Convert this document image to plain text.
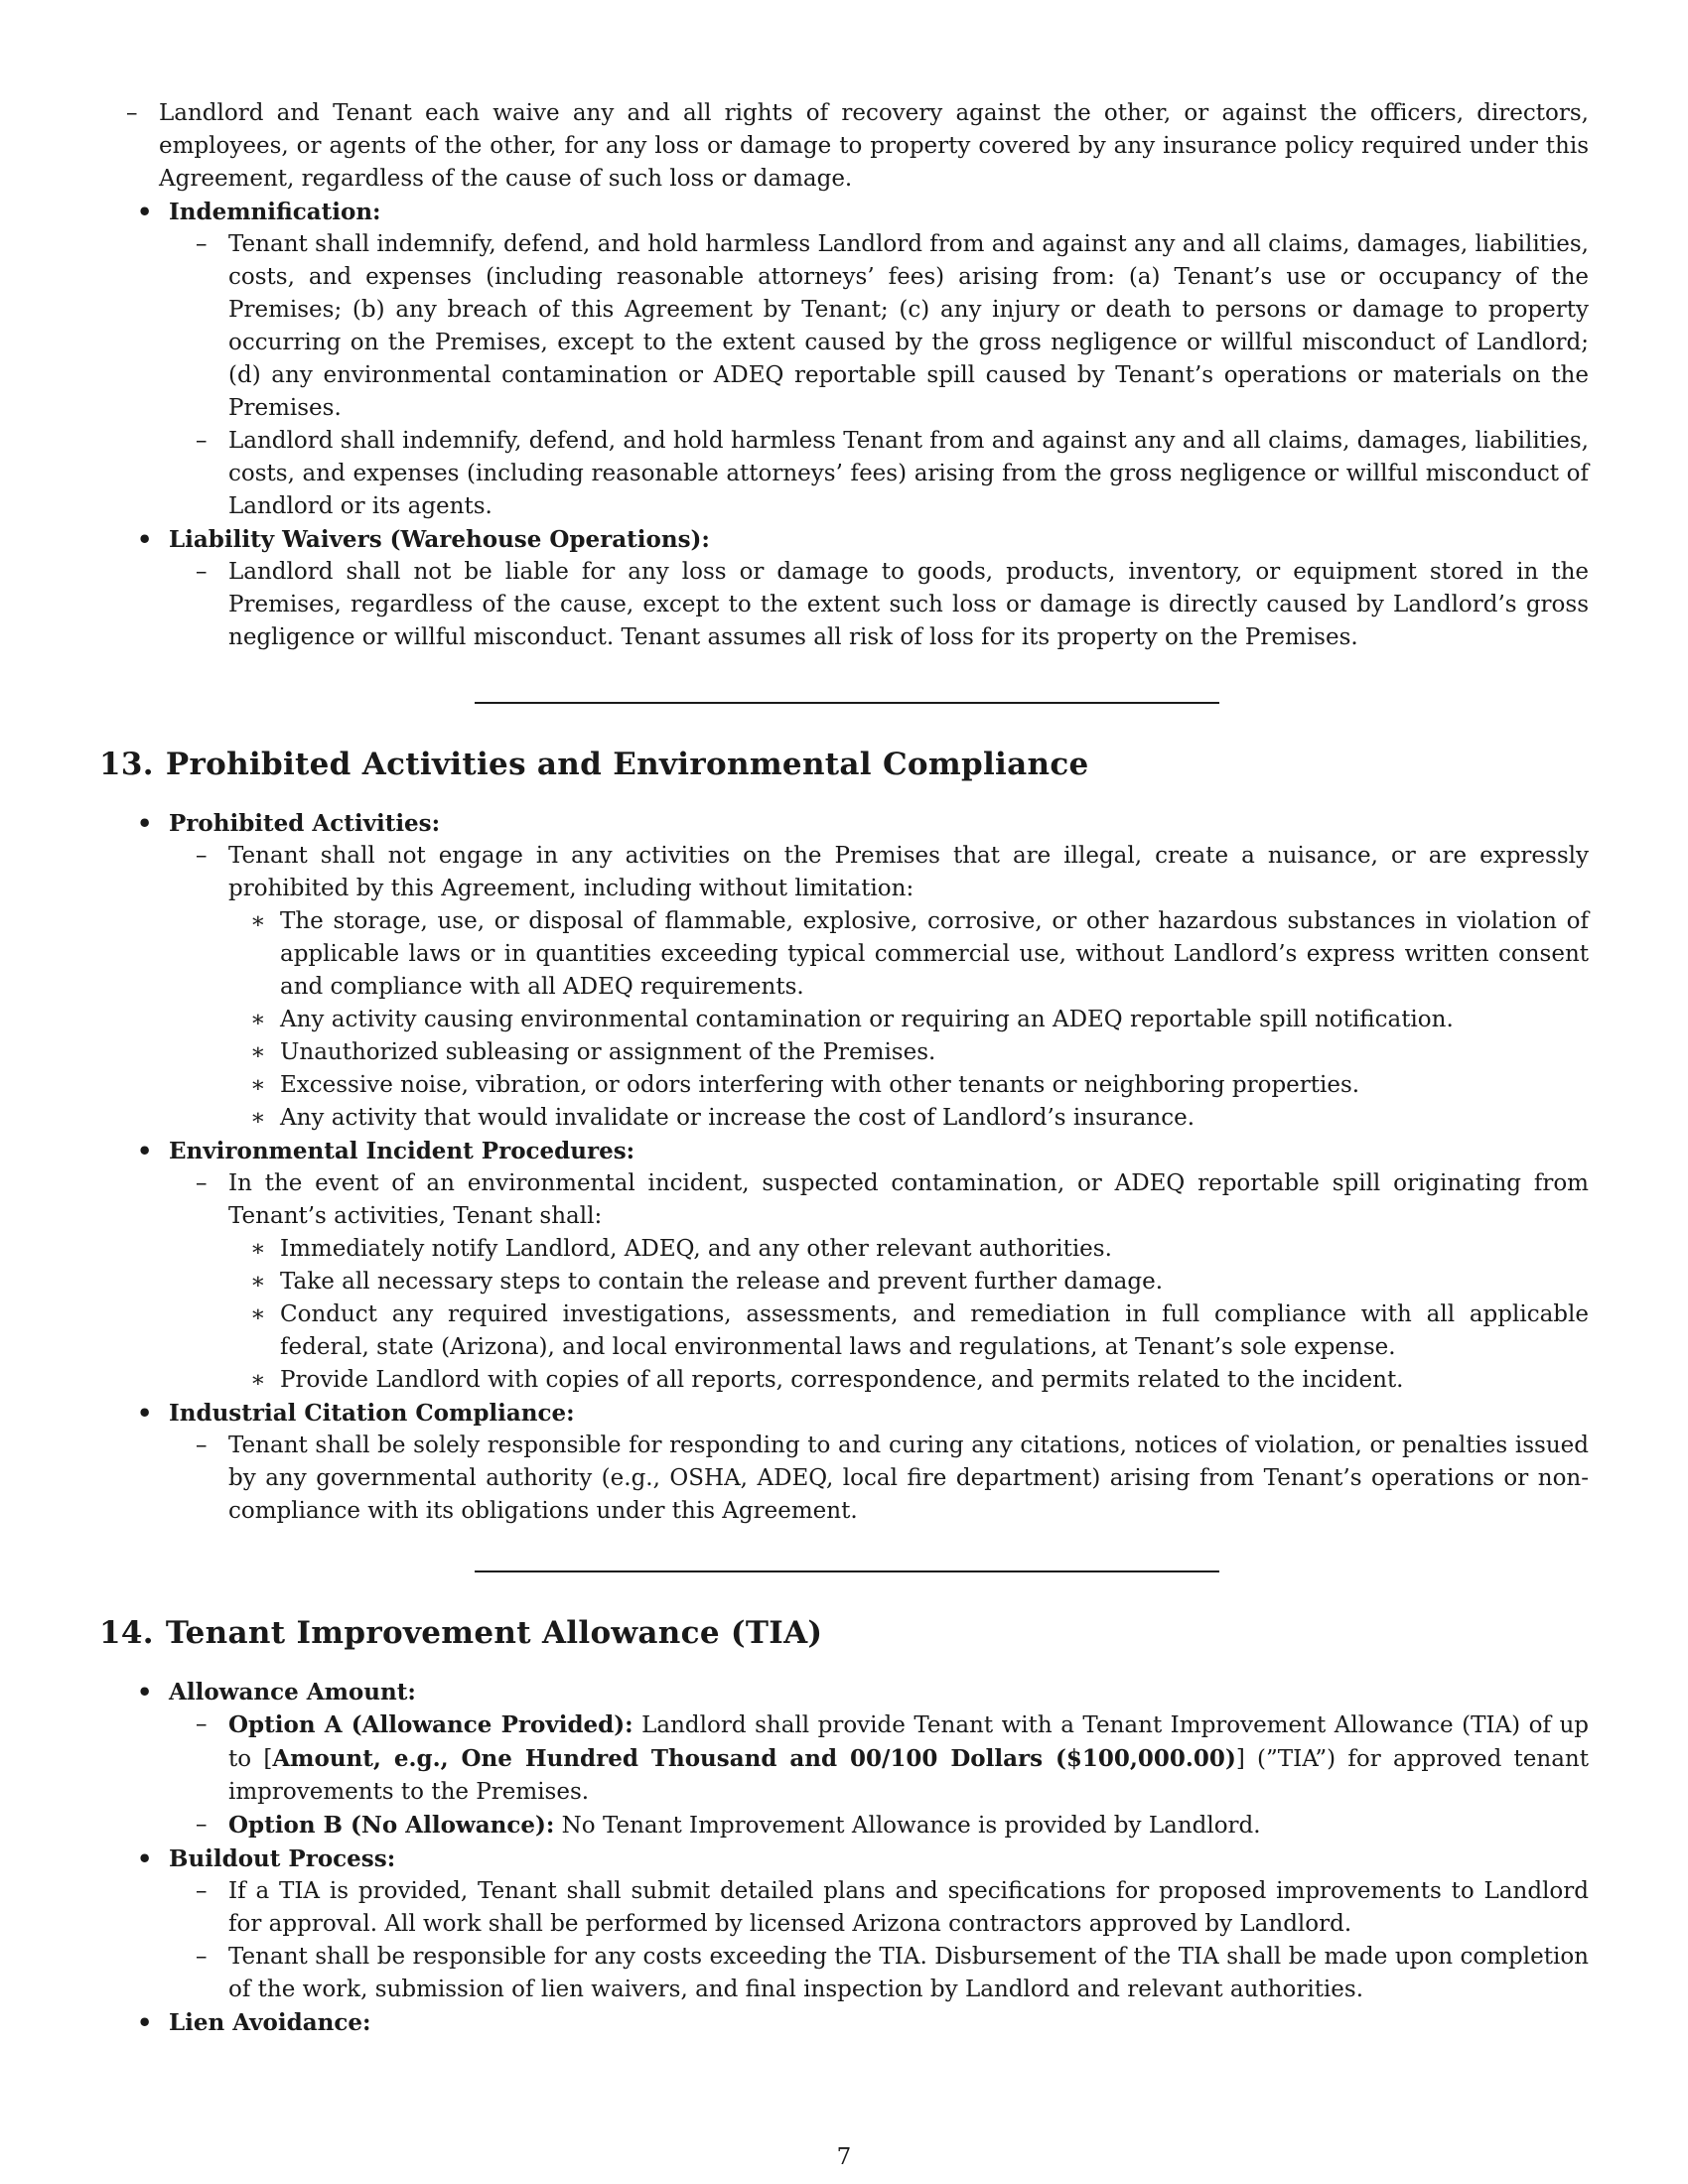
– Landlord and Tenant each waive any and all rights of recovery against the other, or against the officers, directors, employees, or agents of the other, for any loss or damage to property covered by any insurance policy required under this Agreement, regardless of the cause of such loss or damage.
• Indemnification:
– Tenant shall indemnify, defend, and hold harmless Landlord from and against any and all claims, damages, liabilities, costs, and expenses (including reasonable attorneys’ fees) arising from: (a) Tenant’s use or occupancy of the Premises; (b) any breach of this Agreement by Tenant; (c) any injury or death to persons or damage to property occurring on the Premises, except to the extent caused by the gross negligence or willful misconduct of Landlord; (d) any environmental contamination or ADEQ reportable spill caused by Tenant’s operations or materials on the Premises.
– Landlord shall indemnify, defend, and hold harmless Tenant from and against any and all claims, damages, liabilities, costs, and expenses (including reasonable attorneys’ fees) arising from the gross negligence or willful misconduct of Landlord or its agents.
• Liability Waivers (Warehouse Operations):
– Landlord shall not be liable for any loss or damage to goods, products, inventory, or equipment stored in the Premises, regardless of the cause, except to the extent such loss or damage is directly caused by Landlord’s gross negligence or willful misconduct. Tenant assumes all risk of loss for its property on the Premises.
13. Prohibited Activities and Environmental Compliance
• Prohibited Activities:
– Tenant shall not engage in any activities on the Premises that are illegal, create a nuisance, or are expressly prohibited by this Agreement, including without limitation:
∗ The storage, use, or disposal of flammable, explosive, corrosive, or other hazardous substances in violation of applicable laws or in quantities exceeding typical commercial use, without Landlord’s express written consent and compliance with all ADEQ requirements.
∗ Any activity causing environmental contamination or requiring an ADEQ reportable spill notification.
∗ Unauthorized subleasing or assignment of the Premises.
∗ Excessive noise, vibration, or odors interfering with other tenants or neighboring properties.
∗ Any activity that would invalidate or increase the cost of Landlord’s insurance.
• Environmental Incident Procedures:
– In the event of an environmental incident, suspected contamination, or ADEQ reportable spill originating from Tenant’s activities, Tenant shall:
∗ Immediately notify Landlord, ADEQ, and any other relevant authorities.
∗ Take all necessary steps to contain the release and prevent further damage.
∗ Conduct any required investigations, assessments, and remediation in full compliance with all applicable federal, state (Arizona), and local environmental laws and regulations, at Tenant’s sole expense.
∗ Provide Landlord with copies of all reports, correspondence, and permits related to the incident.
• Industrial Citation Compliance:
– Tenant shall be solely responsible for responding to and curing any citations, notices of violation, or penalties issued by any governmental authority (e.g., OSHA, ADEQ, local fire department) arising from Tenant’s operations or non-compliance with its obligations under this Agreement.
14. Tenant Improvement Allowance (TIA)
• Allowance Amount:
– Option A (Allowance Provided): Landlord shall provide Tenant with a Tenant Improvement Allowance (TIA) of up to [Amount, e.g., One Hundred Thousand and 00/100 Dollars ($100,000.00)] (”TIA”) for approved tenant improvements to the Premises.
– Option B (No Allowance): No Tenant Improvement Allowance is provided by Landlord.
• Buildout Process:
– If a TIA is provided, Tenant shall submit detailed plans and specifications for proposed improvements to Landlord for approval. All work shall be performed by licensed Arizona contractors approved by Landlord.
– Tenant shall be responsible for any costs exceeding the TIA. Disbursement of the TIA shall be made upon completion of the work, submission of lien waivers, and final inspection by Landlord and relevant authorities.
• Lien Avoidance:
7
